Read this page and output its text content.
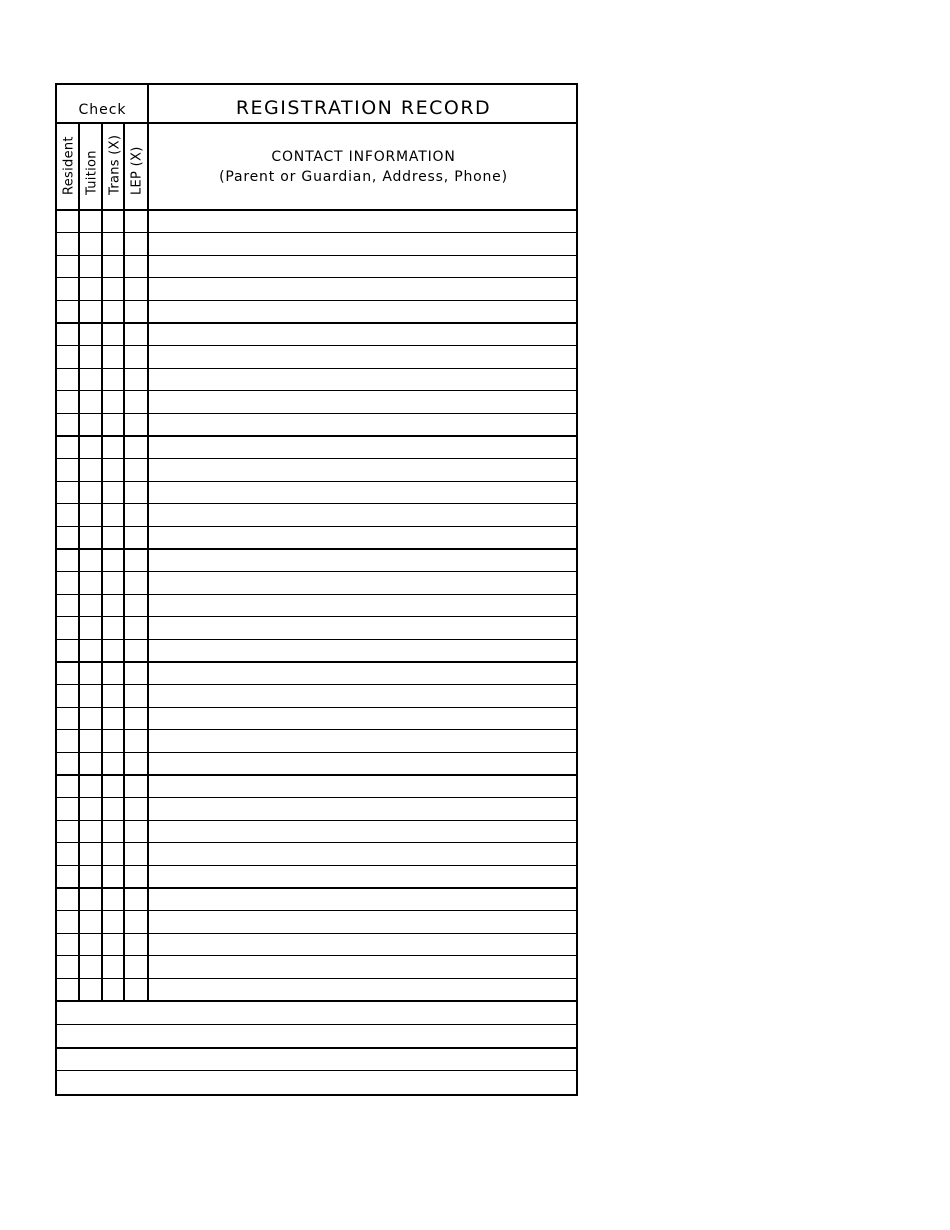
Check	REGISTRATION RECORD
Resident Tuition Trans (X) LEP (X)	CONTACT INFORMATION
(Parent or Guardian, Address, Phone)
